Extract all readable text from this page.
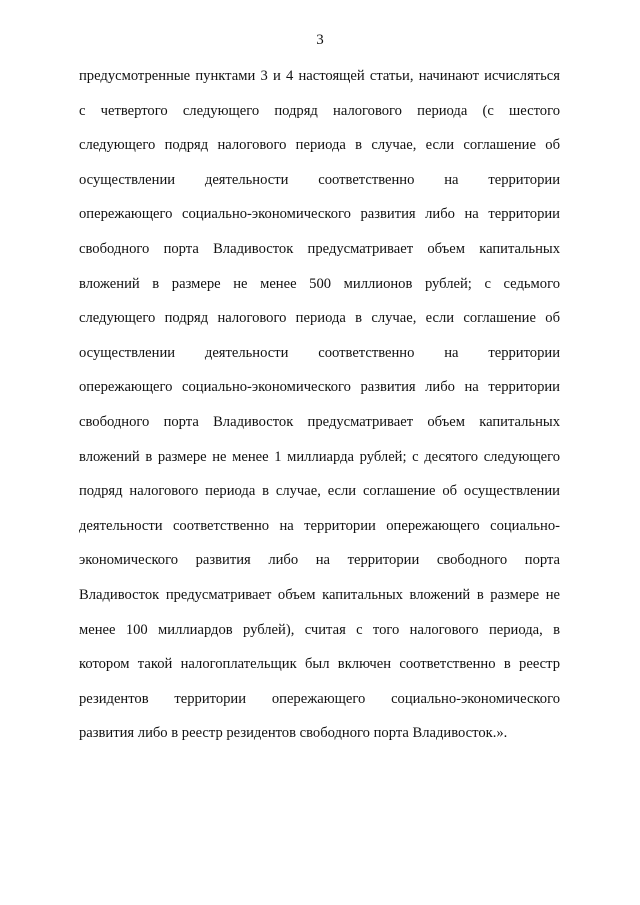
3
предусмотренные пунктами 3 и 4 настоящей статьи, начинают исчисляться
с четвертого следующего подряд налогового периода (с шестого
следующего подряд налогового периода в случае, если соглашение об
осуществлении деятельности соответственно на территории
опережающего социально-экономического развития либо на территории
свободного порта Владивосток предусматривает объем капитальных
вложений в размере не менее 500 миллионов рублей; с седьмого
следующего подряд налогового периода в случае, если соглашение об
осуществлении деятельности соответственно на территории
опережающего социально-экономического развития либо на территории
свободного порта Владивосток предусматривает объем капитальных
вложений в размере не менее 1 миллиарда рублей; с десятого следующего
подряд налогового периода в случае, если соглашение об осуществлении
деятельности соответственно на территории опережающего социально-
экономического развития либо на территории свободного порта
Владивосток предусматривает объем капитальных вложений в размере не
менее 100 миллиардов рублей), считая с того налогового периода, в
котором такой налогоплательщик был включен соответственно в реестр
резидентов территории опережающего социально-экономического
развития либо в реестр резидентов свободного порта Владивосток.».
